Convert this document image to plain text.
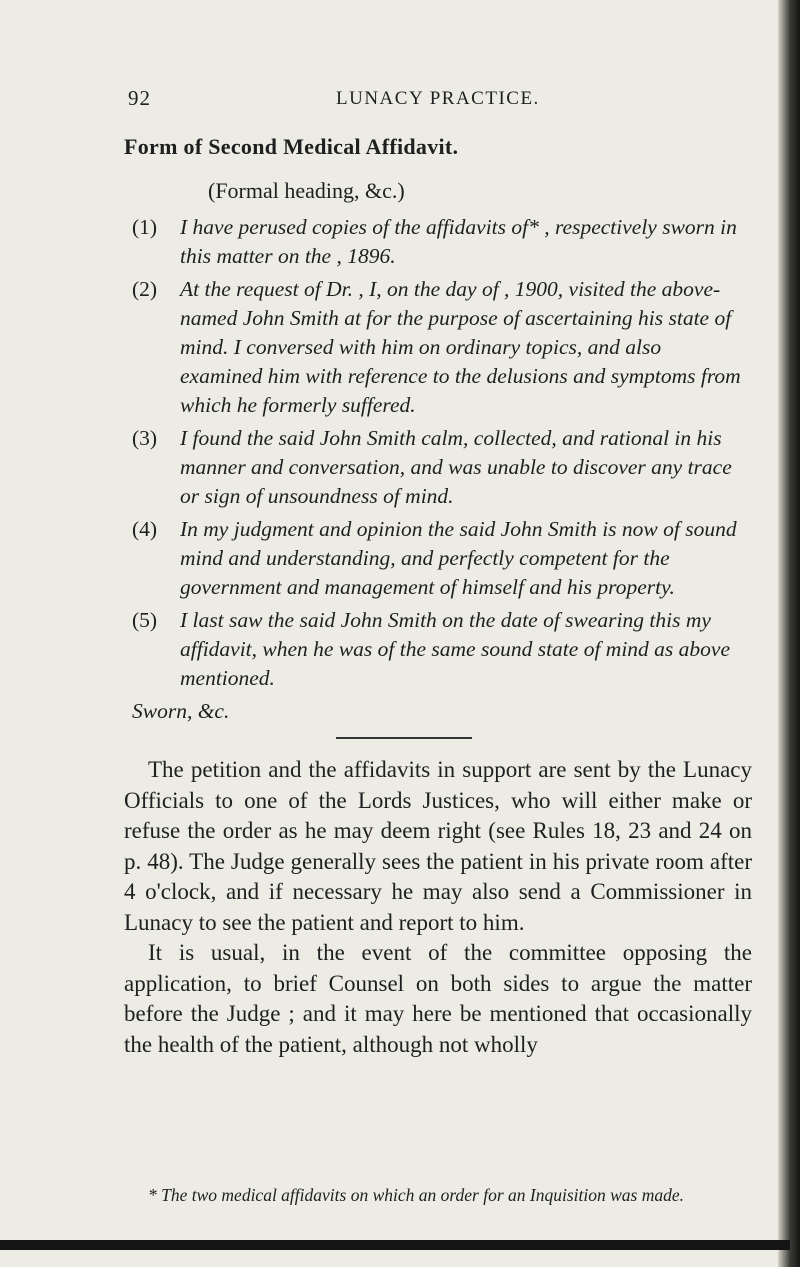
92	LUNACY PRACTICE.
Form of Second Medical Affidavit.
(Formal heading, &c.)
(1) I have perused copies of the affidavits of* , respectively sworn in this matter on the , 1896.
(2) At the request of Dr. , I, on the day of , 1900, visited the above-named John Smith at for the purpose of ascertaining his state of mind. I conversed with him on ordinary topics, and also examined him with reference to the delusions and symptoms from which he formerly suffered.
(3) I found the said John Smith calm, collected, and rational in his manner and conversation, and was unable to discover any trace or sign of unsoundness of mind.
(4) In my judgment and opinion the said John Smith is now of sound mind and understanding, and perfectly competent for the government and management of himself and his property.
(5) I last saw the said John Smith on the date of swearing this my affidavit, when he was of the same sound state of mind as above mentioned.
Sworn, &c.

The petition and the affidavits in support are sent by the Lunacy Officials to one of the Lords Justices, who will either make or refuse the order as he may deem right (see Rules 18, 23 and 24 on p. 48). The Judge generally sees the patient in his private room after 4 o'clock, and if necessary he may also send a Commissioner in Lunacy to see the patient and report to him.

It is usual, in the event of the committee opposing the application, to brief Counsel on both sides to argue the matter before the Judge ; and it may here be mentioned that occasionally the health of the patient, although not wholly

* The two medical affidavits on which an order for an Inquisition was made.
